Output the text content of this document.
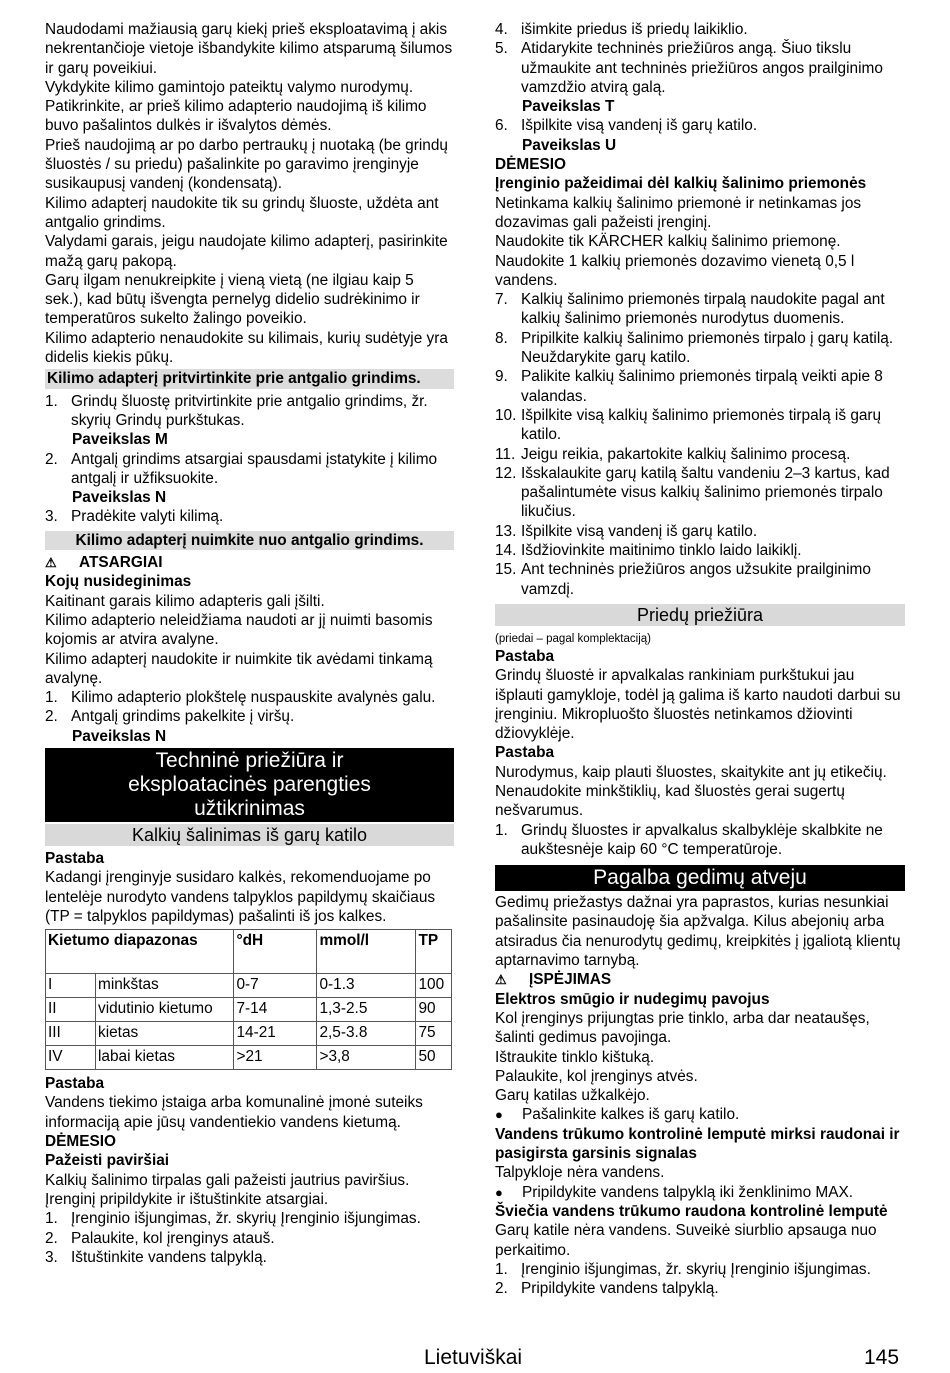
Naudodami mažiausią garų kiekį prieš eksploatavimą į akis nekrentančioje vietoje išbandykite kilimo atsparumą šilumos ir garų poveikiui.
Vykdykite kilimo gamintojo pateiktų valymo nurodymų.
Patikrinkite, ar prieš kilimo adapterio naudojimą iš kilimo buvo pašalintos dulkės ir išvalytos dėmės.
Prieš naudojimą ar po darbo pertraukų į nuotaką (be grindų šluostės / su priedu) pašalinkite po garavimo įrenginyje susikaupusį vandenį (kondensatą).
Kilimo adapterį naudokite tik su grindų šluoste, uždėta ant antgalio grindims.
Valydami garais, jeigu naudojate kilimo adapterį, pasirinkite mažą garų pakopą.
Garų ilgam nenukreipkite į vieną vietą (ne ilgiau kaip 5 sek.), kad būtų išvengta pernelyg didelio sudrėkinimo ir temperatūros sukelto žalingo poveikio.
Kilimo adapterio nenaudokite su kilimais, kurių sudėtyje yra didelis kiekis pūkų.
Kilimo adapterį pritvirtinkite prie antgalio grindims.
1. Grindų šluostę pritvirtinkite prie antgalio grindims, žr. skyrių Grindų purkštukas.
Paveikslas M
2. Antgalį grindims atsargiai spausdami įstatykite į kilimo antgalį ir užfiksuokite.
Paveikslas N
3. Pradėkite valyti kilimą.
Kilimo adapterį nuimkite nuo antgalio grindims.
⚠	ATSARGIAI
Kojų nusideginimas
Kaitinant garais kilimo adapteris gali įšilti.
Kilimo adapterio neleidžiama naudoti ar jį nuimti basomis kojomis ar atvira avalyne.
Kilimo adapterį naudokite ir nuimkite tik avėdami tinkamą avalynę.
1. Kilimo adapterio plokštelę nuspauskite avalynės galu.
2. Antgalį grindims pakelkite į viršų.
Paveikslas N
Techninė priežiūra ir
eksploatacinės parengties
užtikrinimas
Kalkių šalinimas iš garų katilo
Pastaba
Kadangi įrenginyje susidaro kalkės, rekomenduojame po lentelėje nurodyto vandens talpyklos papildymų skaičiaus (TP = talpyklos papildymas) pašalinti iš jos kalkes.
Kietumo diapazonas		°dH	mmol/l	TP
I	minkštas	0-7	0-1.3	100
II	vidutinio kietumo	7-14	1,3-2.5	90
III	kietas	14-21	2,5-3.8	75
IV	labai kietas	>21	>3,8	50
Pastaba
Vandens tiekimo įstaiga arba komunalinė įmonė suteiks informaciją apie jūsų vandentiekio vandens kietumą.
DĖMESIO
Pažeisti paviršiai
Kalkių šalinimo tirpalas gali pažeisti jautrius paviršius.
Įrenginį pripildykite ir ištuštinkite atsargiai.
1. Įrenginio išjungimas, žr. skyrių Įrenginio išjungimas.
2. Palaukite, kol įrenginys atauš.
3. Ištuštinkite vandens talpyklą.
4. išimkite priedus iš priedų laikiklio.
5. Atidarykite techninės priežiūros angą. Šiuo tikslu užmaukite ant techninės priežiūros angos prailginimo vamzdžio atvirą galą.
Paveikslas T
6. Išpilkite visą vandenį iš garų katilo.
Paveikslas U
DĖMESIO
Įrenginio pažeidimai dėl kalkių šalinimo priemonės
Netinkama kalkių šalinimo priemonė ir netinkamas jos dozavimas gali pažeisti įrenginį.
Naudokite tik KÄRCHER kalkių šalinimo priemonę.
Naudokite 1 kalkių priemonės dozavimo vienetą 0,5 l vandens.
7. Kalkių šalinimo priemonės tirpalą naudokite pagal ant kalkių šalinimo priemonės nurodytus duomenis.
8. Pripilkite kalkių šalinimo priemonės tirpalo į garų katilą. Neuždarykite garų katilo.
9. Palikite kalkių šalinimo priemonės tirpalą veikti apie 8 valandas.
10. Išpilkite visą kalkių šalinimo priemonės tirpalą iš garų katilo.
11. Jeigu reikia, pakartokite kalkių šalinimo procesą.
12. Išskalaukite garų katilą šaltu vandeniu 2–3 kartus, kad pašalintumėte visus kalkių šalinimo priemonės tirpalo likučius.
13. Išpilkite visą vandenį iš garų katilo.
14. Išdžiovinkite maitinimo tinklo laido laikiklį.
15. Ant techninės priežiūros angos užsukite prailginimo vamzdį.
Priedų priežiūra
(priedai – pagal komplektaciją)
Pastaba
Grindų šluostė ir apvalkalas rankiniam purkštukui jau išplauti gamykloje, todėl ją galima iš karto naudoti darbui su įrenginiu. Mikropluošto šluostės netinkamos džiovinti džiovyklėje.
Pastaba
Nurodymus, kaip plauti šluostes, skaitykite ant jų etikečių. Nenaudokite minkštiklių, kad šluostės gerai sugertų nešvarumus.
1. Grindų šluostes ir apvalkalus skalbyklėje skalbkite ne aukštesnėje kaip 60 °C temperatūroje.
Pagalba gedimų atveju
Gedimų priežastys dažnai yra paprastos, kurias nesunkiai pašalinsite pasinaudoję šia apžvalga. Kilus abejonių arba atsiradus čia nenurodytų gedimų, kreipkitės į įgaliotą klientų aptarnavimo tarnybą.
⚠	ĮSPĖJIMAS
Elektros smūgio ir nudegimų pavojus
Kol įrenginys prijungtas prie tinklo, arba dar neataušęs, šalinti gedimus pavojinga.
Ištraukite tinklo kištuką.
Palaukite, kol įrenginys atvės.
Garų katilas užkalkėjo.
●	Pašalinkite kalkes iš garų katilo.
Vandens trūkumo kontrolinė lemputė mirksi raudonai ir pasigirsta garsinis signalas
Talpykloje nėra vandens.
●	Pripildykite vandens talpyklą iki ženklinimo MAX.
Šviečia vandens trūkumo raudona kontrolinė lemputė
Garų katile nėra vandens. Suveikė siurblio apsauga nuo perkaitimo.
1. Įrenginio išjungimas, žr. skyrių Įrenginio išjungimas.
2. Pripildykite vandens talpyklą.
Lietuviškai	145
